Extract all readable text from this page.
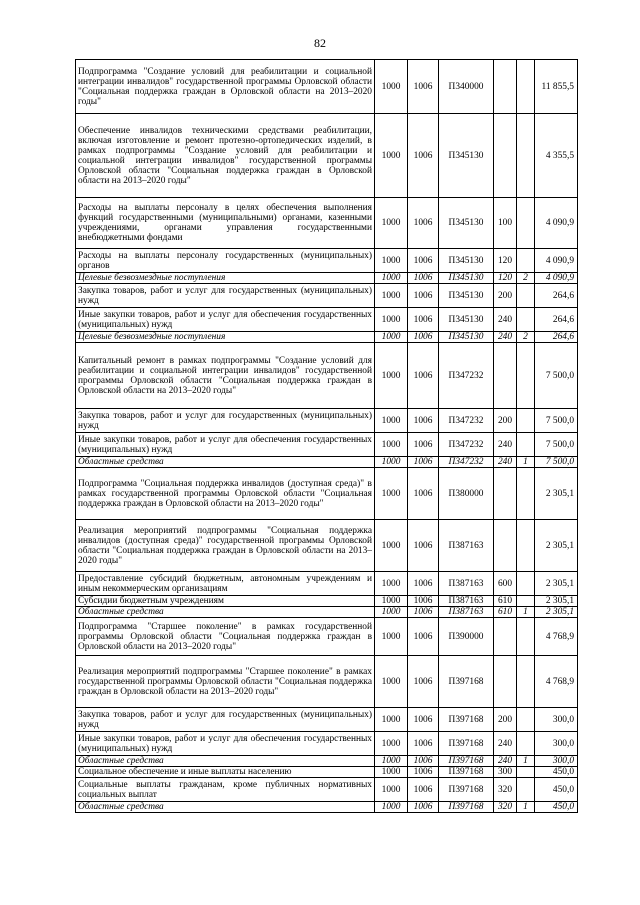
82
Подпрограмма "Создание условий для реабилитации и социальной интеграции инвалидов" государственной программы Орловской области "Социальная поддержка граждан в Орловской области на 2013–2020 годы"	1000	1006	П340000			11 855,5
Обеспечение инвалидов техническими средствами реабилитации, включая изготовление и ремонт протезно-ортопедических изделий, в рамках подпрограммы "Создание условий для реабилитации и социальной интеграции инвалидов" государственной программы Орловской области "Социальная поддержка граждан в Орловской области на 2013–2020 годы"	1000	1006	П345130			4 355,5
Расходы на выплаты персоналу в целях обеспечения выполнения функций государственными (муниципальными) органами, казенными учреждениями, органами управления государственными внебюджетными фондами	1000	1006	П345130	100		4 090,9
Расходы на выплаты персоналу государственных (муниципальных) органов	1000	1006	П345130	120		4 090,9
Целевые безвозмездные поступления	1000	1006	П345130	120	2	4 090,9
Закупка товаров, работ и услуг для государственных (муниципальных) нужд	1000	1006	П345130	200		264,6
Иные закупки товаров, работ и услуг для обеспечения государственных (муниципальных) нужд	1000	1006	П345130	240		264,6
Целевые безвозмездные поступления	1000	1006	П345130	240	2	264,6
Капитальный ремонт в рамках подпрограммы "Создание условий для реабилитации и социальной интеграции инвалидов" государственной программы Орловской области "Социальная поддержка граждан в Орловской области на 2013–2020 годы"	1000	1006	П347232			7 500,0
Закупка товаров, работ и услуг для государственных (муниципальных) нужд	1000	1006	П347232	200		7 500,0
Иные закупки товаров, работ и услуг для обеспечения государственных (муниципальных) нужд	1000	1006	П347232	240		7 500,0
Областные средства	1000	1006	П347232	240	1	7 500,0
Подпрограмма "Социальная поддержка инвалидов (доступная среда)" в рамках государственной программы Орловской области "Социальная поддержка граждан в Орловской области на 2013–2020 годы"	1000	1006	П380000			2 305,1
Реализация мероприятий подпрограммы "Социальная поддержка инвалидов (доступная среда)" государственной программы Орловской области "Социальная поддержка граждан в Орловской области на 2013–2020 годы"	1000	1006	П387163			2 305,1
Предоставление субсидий бюджетным, автономным учреждениям и иным некоммерческим организациям	1000	1006	П387163	600		2 305,1
Субсидии бюджетным учреждениям	1000	1006	П387163	610		2 305,1
Областные средства	1000	1006	П387163	610	1	2 305,1
Подпрограмма "Старшее поколение" в рамках государственной программы Орловской области "Социальная поддержка граждан в Орловской области на 2013–2020 годы"	1000	1006	П390000			4 768,9
Реализация мероприятий подпрограммы "Старшее поколение" в рамках государственной программы Орловской области "Социальная поддержка граждан в Орловской области на 2013–2020 годы"	1000	1006	П397168			4 768,9
Закупка товаров, работ и услуг для государственных (муниципальных) нужд	1000	1006	П397168	200		300,0
Иные закупки товаров, работ и услуг для обеспечения государственных (муниципальных) нужд	1000	1006	П397168	240		300,0
Областные средства	1000	1006	П397168	240	1	300,0
Социальное обеспечение и иные выплаты населению	1000	1006	П397168	300		450,0
Социальные выплаты гражданам, кроме публичных нормативных социальных выплат	1000	1006	П397168	320		450,0
Областные средства	1000	1006	П397168	320	1	450,0
